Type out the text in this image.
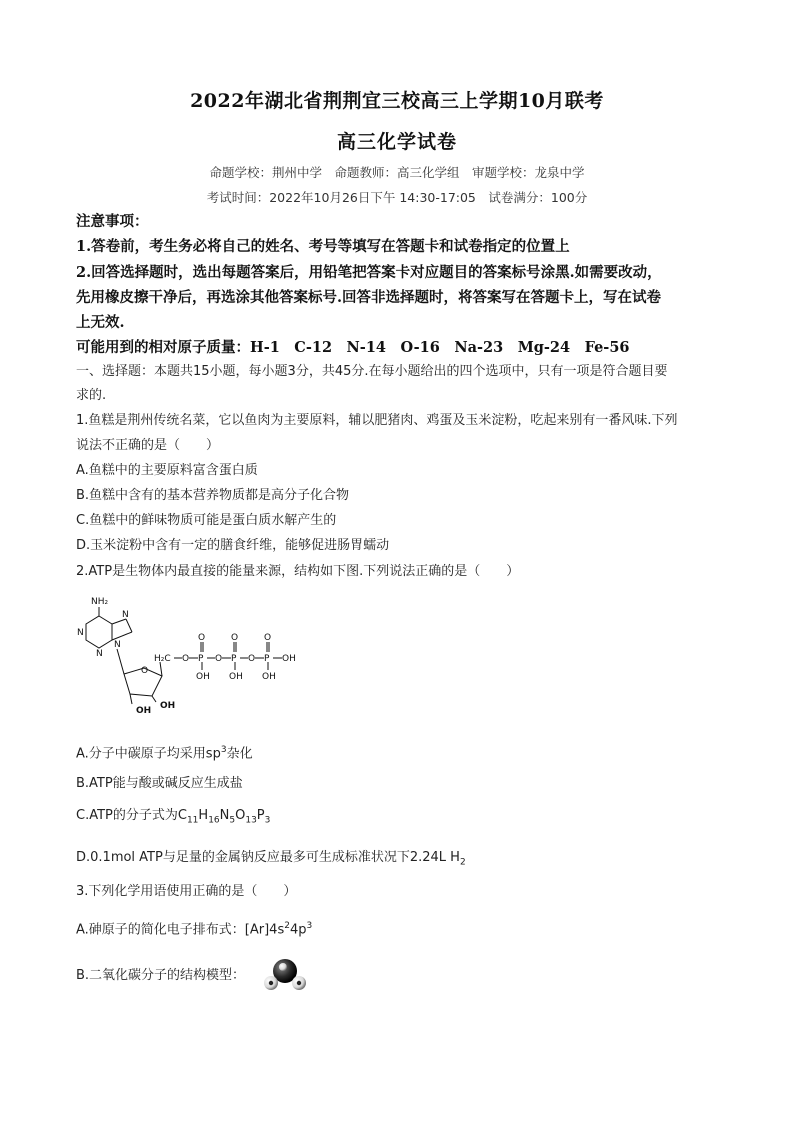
2022年湖北省荆荆宜三校高三上学期10月联考
高三化学试卷
命题学校：荆州中学　命题教师：高三化学组　审题学校：龙泉中学
考试时间：2022年10月26日下午 14:30-17:05　试卷满分：100分
注意事项：
1.答卷前，考生务必将自己的姓名、考号等填写在答题卡和试卷指定的位置上
2.回答选择题时，选出每题答案后，用铅笔把答案卡对应题目的答案标号涂黑.如需要改动，
先用橡皮擦干净后，再选涂其他答案标号.回答非选择题时，将答案写在答题卡上，写在试卷
上无效.
可能用到的相对原子质量：H-1　C-12　N-14　O-16　Na-23　Mg-24　Fe-56
一、选择题：本题共15小题，每小题3分，共45分.在每小题给出的四个选项中，只有一项是符合题目要
求的.
1.鱼糕是荆州传统名菜，它以鱼肉为主要原料，辅以肥猪肉、鸡蛋及玉米淀粉，吃起来别有一番风味.下列
说法不正确的是（　　）
A.鱼糕中的主要原料富含蛋白质
B.鱼糕中含有的基本营养物质都是高分子化合物
C.鱼糕中的鲜味物质可能是蛋白质水解产生的
D.玉米淀粉中含有一定的膳食纤维，能够促进肠胃蠕动
2.ATP是生物体内最直接的能量来源，结构如下图.下列说法正确的是（　　）
NH₂
N
N
N
N
O
H₂C
OH OH
O P
O
OH
O P
O
OH
O P
O
OH
OH
A.分子中碳原子均采用$sp^3$杂化
B.ATP能与酸或碱反应生成盐
C.ATP的分子式为$C_{11}H_{16}N_5O_{13}P_3$
D.0.1mol ATP与足量的金属钠反应最多可生成标准状况下2.24L $H_2$
3.下列化学用语使用正确的是（　　）
A.砷原子的简化电子排布式：$[Ar]4s^24p^3$
B.二氧化碳分子的结构模型：
